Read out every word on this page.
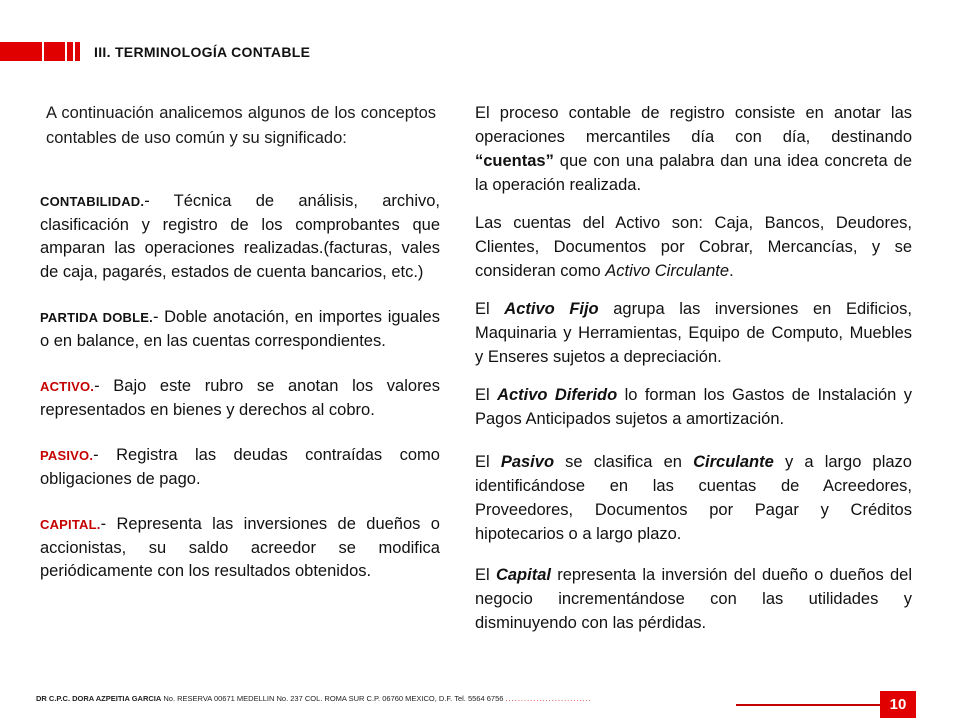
III. TERMINOLOGÍA CONTABLE
A continuación analicemos algunos de los conceptos contables de uso común y su significado:

CONTABILIDAD.- Técnica de análisis, archivo, clasificación y registro de los comprobantes que amparan las operaciones realizadas.(facturas, vales de caja, pagarés, estados de cuenta bancarios, etc.)

PARTIDA DOBLE.- Doble anotación, en importes iguales o en balance, en las cuentas correspondientes.

ACTIVO.- Bajo este rubro se anotan los valores representados en bienes y derechos al cobro.

PASIVO.- Registra las deudas contraídas como obligaciones de pago.

CAPITAL.- Representa las inversiones de dueños o accionistas, su saldo acreedor se modifica periódicamente con los resultados obtenidos.

El proceso contable de registro consiste en anotar las operaciones mercantiles día con día, destinando “cuentas” que con una palabra dan una idea concreta de la operación realizada.

Las cuentas del Activo son: Caja, Bancos, Deudores, Clientes, Documentos por Cobrar, Mercancías, y se consideran como Activo Circulante.

El Activo Fijo agrupa las inversiones en Edificios, Maquinaria y Herramientas, Equipo de Computo, Muebles y Enseres sujetos a depreciación.

El Activo Diferido lo forman los Gastos de Instalación y Pagos Anticipados sujetos a amortización.

El Pasivo se clasifica en Circulante y a largo plazo identificándose en las cuentas de Acreedores, Proveedores, Documentos por Pagar y Créditos hipotecarios o a largo plazo.

El Capital representa la inversión del dueño o dueños del negocio incrementándose con las utilidades y disminuyendo con las pérdidas.

DR C.P.C. DORA AZPEITIA GARCIA No. RESERVA 00671 MEDELLIN No. 237 COL. ROMA SUR C.P. 06760 MEXICO, D.F. Tel. 5564 6756 ............................	10
